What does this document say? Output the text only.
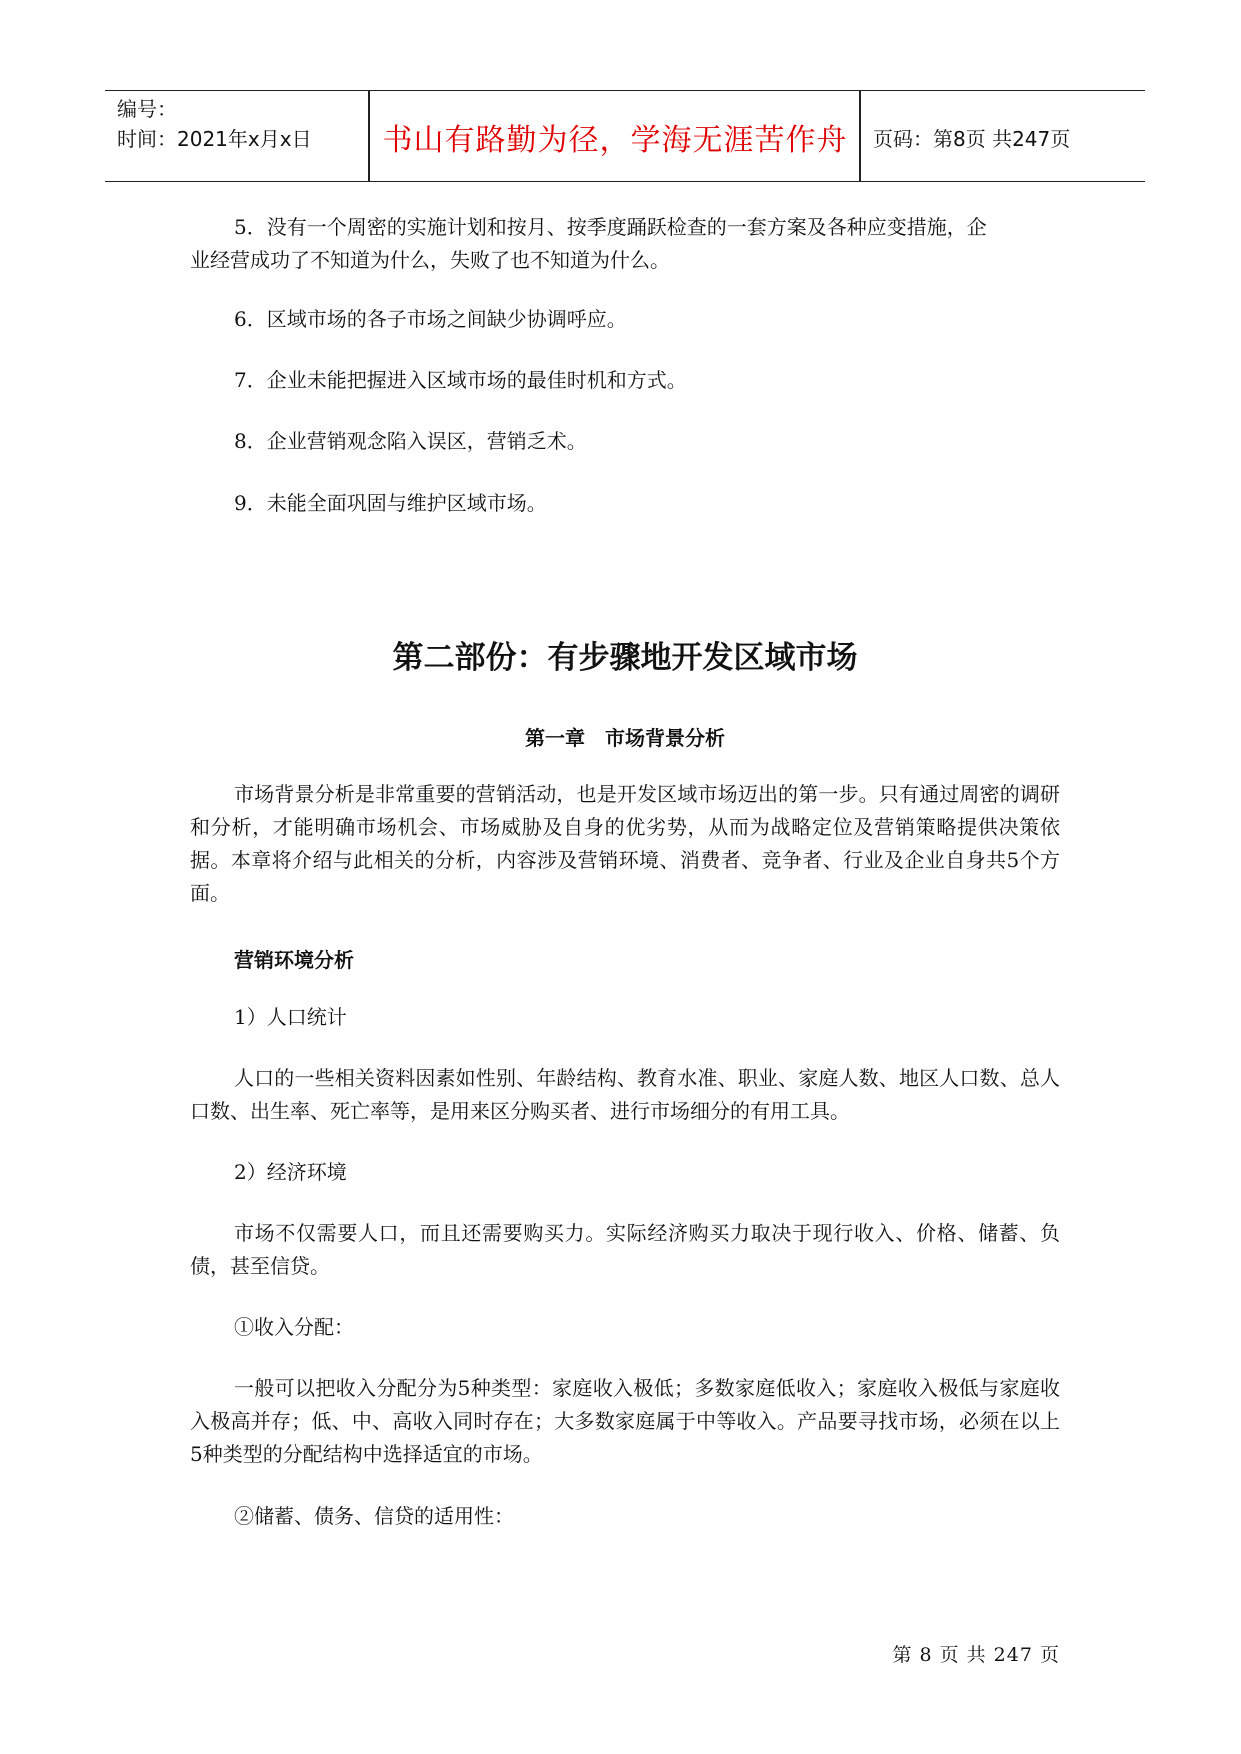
编号：
时间：2021年x月x日	书山有路勤为径，学海无涯苦作舟	页码：第8页 共247页

5．没有一个周密的实施计划和按月、按季度踊跃检查的一套方案及各种应变措施，企

业经营成功了不知道为什么，失败了也不知道为什么。

6．区域市场的各子市场之间缺少协调呼应。

7．企业未能把握进入区域市场的最佳时机和方式。

8．企业营销观念陷入误区，营销乏术。

9．未能全面巩固与维护区域市场。

第二部份：有步骤地开发区域市场
第一章　市场背景分析

市场背景分析是非常重要的营销活动，也是开发区域市场迈出的第一步。只有通过周密的调研和分析，才能明确市场机会、市场威胁及自身的优劣势，从而为战略定位及营销策略提供决策依据。本章将介绍与此相关的分析，内容涉及营销环境、消费者、竞争者、行业及企业自身共5个方面。

营销环境分析

1）人口统计

人口的一些相关资料因素如性别、年龄结构、教育水准、职业、家庭人数、地区人口数、总人口数、出生率、死亡率等，是用来区分购买者、进行市场细分的有用工具。

2）经济环境

市场不仅需要人口，而且还需要购买力。实际经济购买力取决于现行收入、价格、储蓄、负债，甚至信贷。

①收入分配：

一般可以把收入分配分为5种类型：家庭收入极低；多数家庭低收入；家庭收入极低与家庭收入极高并存；低、中、高收入同时存在；大多数家庭属于中等收入。产品要寻找市场，必须在以上5种类型的分配结构中选择适宜的市场。

②储蓄、债务、信贷的适用性：

第 8 页 共 247 页
